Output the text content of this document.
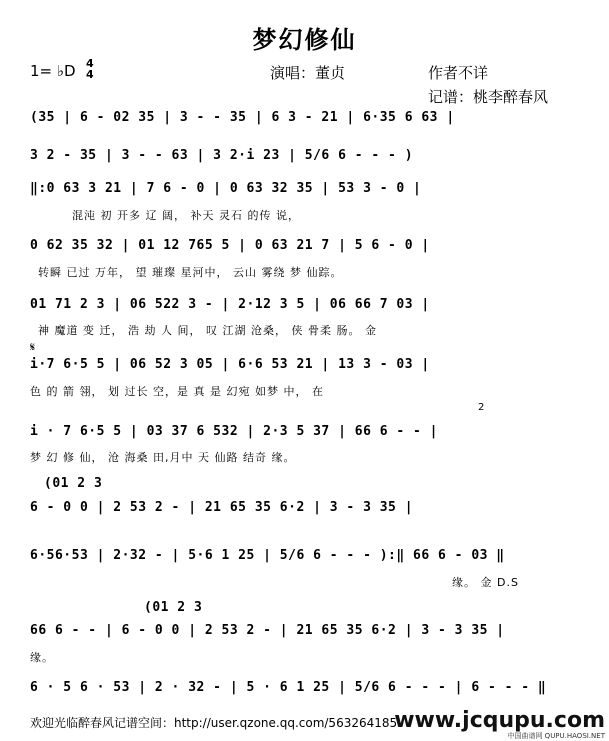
梦幻修仙
1= ♭D 4
4	演唱：董贞	作者不详
记谱：桃李醉春风
(35 | 6 - 02 35 | 3 - - 35 | 6 3 - 21 | 6·35 6 63 |
3 2 - 35 | 3 - - 63 | 3 2·i 23 | 5/6 6 - - - )
‖:0 63 3 21 | 7 6 - 0 | 0 63 32 35 | 53 3 - 0 |
混沌 初 开多 辽 阔， 补天 灵石 的传 说，
0 62 35 32 | 01 12 765 5 | 0 63 21 7 | 5 6 - 0 |
转瞬 已过 万年， 望 璀璨 星河中， 云山 雾绕 梦 仙踪。
01 71 2 3 | 06 522 3 - | 2·12 3 5 | 06 66 7 03 |
神 魔道 变 迁， 浩 劫 人 间， 叹 江湖 沧桑， 侠 骨柔 肠。 金
𝄋
i·7 6·5 5 | 06 52 3 05 | 6·6 53 21 | 13 3 - 03 |
色 的 箭 翎， 划 过长 空，是 真 是 幻宛 如梦 中， 在
2
i · 7 6·5 5 | 03 37 6 532 | 2·3 5 37 | 66 6 - - |
梦 幻 修 仙， 沧 海桑 田,月中 天 仙路 结奇 缘。
(01 2 3
6 - 0 0 | 2 53 2 - | 21 65 35 6·2 | 3 - 3 35 |
6·56·53 | 2·32 - | 5·6 1 25 | 5/6 6 - - - ):‖ 66 6 - 03 ‖
缘。 金 D.S
(01 2 3
66 6 - - | 6 - 0 0 | 2 53 2 - | 21 65 35 6·2 | 3 - 3 35 |
缘。
6 · 5 6 · 53 | 2 · 32 - | 5 · 6 1 25 | 5/6 6 - - - | 6 - - - ‖
欢迎光临醉春风记谱空间：http://user.qzone.qq.com/563264185
www.jcqupu.com
中国曲谱网 QUPU.HAOSI.NET
